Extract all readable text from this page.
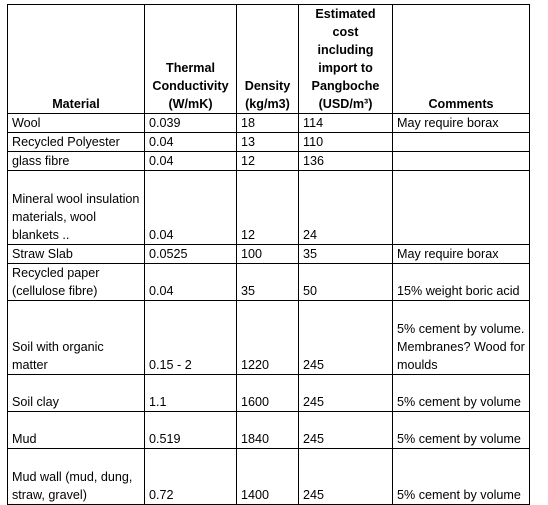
Material	Thermal Conductivity (W/mK)	Density (kg/m3)	Estimated cost including import to Pangboche (USD/m³)	Comments
Wool	0.039	18	114	May require borax
Recycled Polyester	0.04	13	110	
glass fibre	0.04	12	136	
Mineral wool insulation materials, wool blankets ..	0.04	12	24	
Straw Slab	0.0525	100	35	May require borax
Recycled paper (cellulose fibre)	0.04	35	50	15% weight boric acid
Soil with organic matter	0.15 - 2	1220	245	5% cement by volume. Membranes? Wood for moulds
Soil clay	1.1	1600	245	5% cement by volume
Mud	0.519	1840	245	5% cement by volume
Mud wall (mud, dung, straw, gravel)	0.72	1400	245	5% cement by volume
